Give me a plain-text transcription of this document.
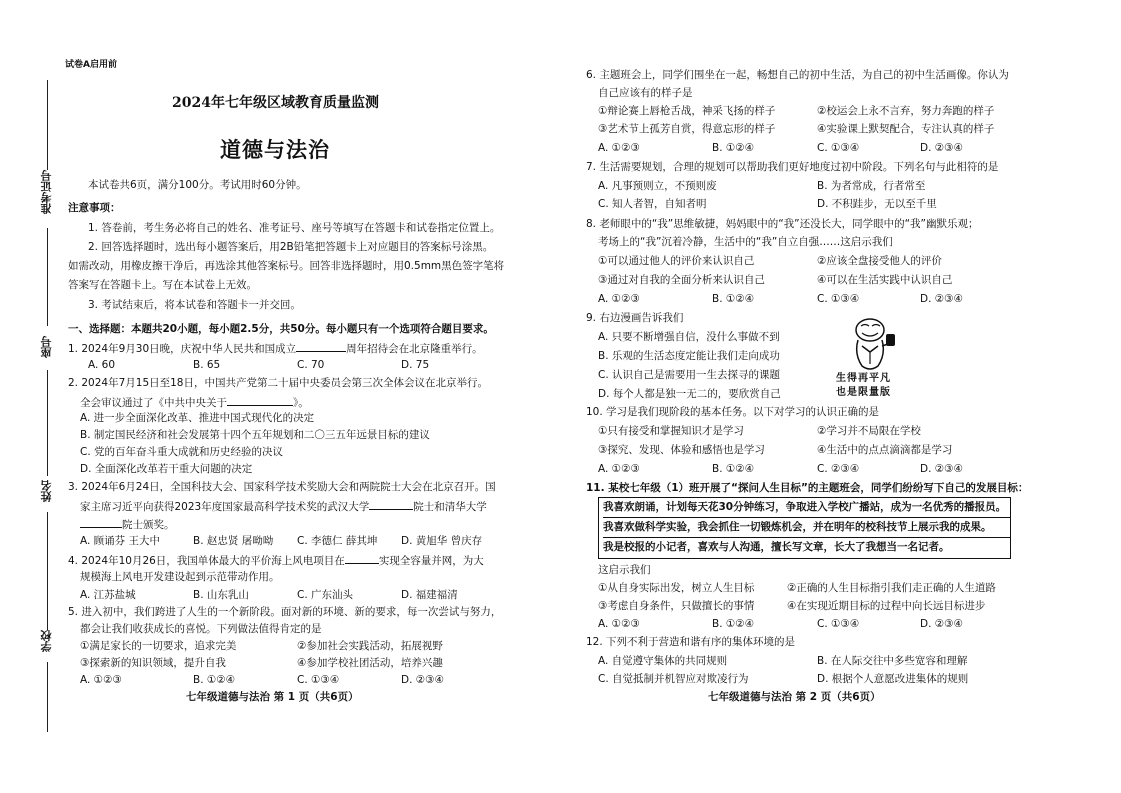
试卷A启用前
准考证号
座号
姓名
学校
2024年七年级区域教育质量监测
道德与法治
本试卷共6页，满分100分。考试用时60分钟。
注意事项：
1. 答卷前，考生务必将自己的姓名、准考证号、座号等填写在答题卡和试卷指定位置上。
2. 回答选择题时，选出每小题答案后，用2B铅笔把答题卡上对应题目的答案标号涂黑。
如需改动，用橡皮擦干净后，再选涂其他答案标号。回答非选择题时，用0.5mm黑色签字笔将
答案写在答题卡上。写在本试卷上无效。
3. 考试结束后，将本试卷和答题卡一并交回。
一、选择题：本题共20小题，每小题2.5分，共50分。每小题只有一个选项符合题目要求。
1. 2024年9月30日晚，庆祝中华人民共和国成立	周年招待会在北京隆重举行。
A. 60	B. 65	C. 70	D. 75
2. 2024年7月15日至18日，中国共产党第二十届中央委员会第三次全体会议在北京举行。
全会审议通过了《中共中央关于	》。
A. 进一步全面深化改革、推进中国式现代化的决定
B. 制定国民经济和社会发展第十四个五年规划和二〇三五年远景目标的建议
C. 党的百年奋斗重大成就和历史经验的决议
D. 全面深化改革若干重大问题的决定
3. 2024年6月24日，全国科技大会、国家科学技术奖励大会和两院院士大会在北京召开。国
家主席习近平向获得2023年度国家最高科学技术奖的武汉大学	院士和清华大学
院士颁奖。
A. 顾诵芬 王大中	B. 赵忠贤 屠呦呦 C. 李德仁 薛其坤 D. 黄旭华 曾庆存
4. 2024年10月26日，我国单体最大的平价海上风电项目在	实现全容量并网，为大
规模海上风电开发建设起到示范带动作用。
A. 江苏盐城	B. 山东乳山	C. 广东汕头	D. 福建福清
5. 进入初中，我们跨进了人生的一个新阶段。面对新的环境、新的要求，每一次尝试与努力，
都会让我们收获成长的喜悦。下列做法值得肯定的是
①满足家长的一切要求，追求完美	②参加社会实践活动，拓展视野
③探索新的知识领域，提升自我	④参加学校社团活动，培养兴趣
A. ①②③	B. ①②④	C. ①③④	D. ②③④
七年级道德与法治 第 1 页（共6页）
6. 主题班会上，同学们围坐在一起，畅想自己的初中生活，为自己的初中生活画像。你认为
自己应该有的样子是
①辩论赛上唇枪舌战，神采飞扬的样子	②校运会上永不言弃，努力奔跑的样子
③艺术节上孤芳自赏，得意忘形的样子	④实验课上默契配合，专注认真的样子
A. ①②③	B. ①②④	C. ①③④	D. ②③④
7. 生活需要规划，合理的规划可以帮助我们更好地度过初中阶段。下列名句与此相符的是
A. 凡事预则立，不预则废	B. 为者常成，行者常至
C. 知人者智，自知者明	D. 不积跬步，无以至千里
8. 老师眼中的“我”思维敏捷，妈妈眼中的“我”还没长大，同学眼中的“我”幽默乐观；
考场上的“我”沉着冷静，生活中的“我”自立自强……这启示我们
①可以通过他人的评价来认识自己	②应该全盘接受他人的评价
③通过对自我的全面分析来认识自己	④可以在生活实践中认识自己
A. ①②③	B. ①②④	C. ①③④	D. ②③④
9. 右边漫画告诉我们
A. 只要不断增强自信，没什么事做不到
B. 乐观的生活态度定能让我们走向成功
C. 认识自己是需要用一生去探寻的课题
D. 每个人都是独一无二的，要欣赏自己
生得再平凡
也是限量版
10. 学习是我们现阶段的基本任务。以下对学习的认识正确的是
①只有接受和掌握知识才是学习	②学习并不局限在学校
③探究、发现、体验和感悟也是学习	④生活中的点点滴滴都是学习
A. ①②③	B. ①②④	C. ②③④	D. ②③④
11. 某校七年级（1）班开展了“探问人生目标”的主题班会，同学们纷纷写下自己的发展目标：
我喜欢朗诵，计划每天花30分钟练习，争取进入学校广播站，成为一名优秀的播报员。
我喜欢做科学实验，我会抓住一切锻炼机会，并在明年的校科技节上展示我的成果。
我是校报的小记者，喜欢与人沟通，擅长写文章，长大了我想当一名记者。
这启示我们
①从自身实际出发，树立人生目标	②正确的人生目标指引我们走正确的人生道路
③考虑自身条件，只做擅长的事情	④在实现近期目标的过程中向长远目标进步
A. ①②③	B. ①②④	C. ①③④	D. ②③④
12. 下列不利于营造和谐有序的集体环境的是
A. 自觉遵守集体的共同规则	B. 在人际交往中多些宽容和理解
C. 自觉抵制并机智应对欺凌行为	D. 根据个人意愿改进集体的规则
七年级道德与法治 第 2 页（共6页）
